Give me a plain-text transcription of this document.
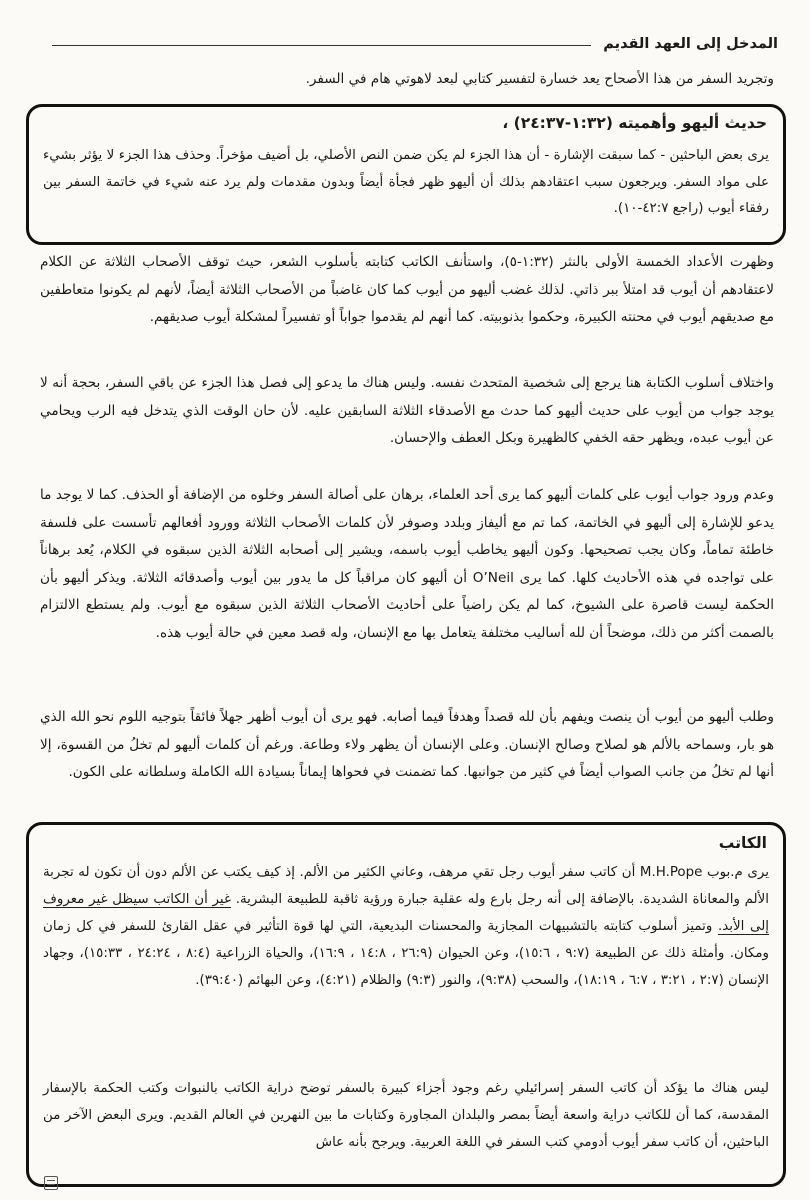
المدخل إلى العهد القديم

وتجريد السفر من هذا الأصحاح يعد خسارة لتفسير كتابي لبعد لاهوتي هام في السفر.

حديث أليهو وأهميته (١:٣٢-٢٤:٣٧) ،

يرى بعض الباحثين - كما سبقت الإشارة - أن هذا الجزء لم يكن ضمن النص الأصلي، بل أضيف مؤخراً. وحذف هذا الجزء لا يؤثر بشيء على مواد السفر. ويرجعون سبب اعتقادهم بذلك أن أليهو ظهر فجأة أيضاً وبدون مقدمات ولم يرد عنه شيء في خاتمة السفر بين رفقاء أيوب (راجع ٤٢:٧-١٠).

وظهرت الأعداد الخمسة الأولى بالنثر (١:٣٢-٥)، واستأنف الكاتب كتابته بأسلوب الشعر، حيث توقف الأصحاب الثلاثة عن الكلام لاعتقادهم أن أيوب قد امتلأ ببر ذاتي. لذلك غضب أليهو من أيوب كما كان غاضباً من الأصحاب الثلاثة أيضاً، لأنهم لم يكونوا متعاطفين مع صديقهم أيوب في محنته الكبيرة، وحكموا بذنوبيته. كما أنهم لم يقدموا جواباً أو تفسيراً لمشكلة أيوب صديقهم.

واختلاف أسلوب الكتابة هنا يرجع إلى شخصية المتحدث نفسه. وليس هناك ما يدعو إلى فصل هذا الجزء عن باقي السفر، بحجة أنه لا يوجد جواب من أيوب على حديث أليهو كما حدث مع الأصدقاء الثلاثة السابقين عليه. لأن حان الوقت الذي يتدخل فيه الرب ويحامي عن أيوب عبده، ويظهر حقه الخفي كالظهيرة وبكل العطف والإحسان.

وعدم ورود جواب أيوب على كلمات أليهو كما يرى أحد العلماء، برهان على أصالة السفر وخلوه من الإضافة أو الحذف. كما لا يوجد ما يدعو للإشارة إلى أليهو في الخاتمة، كما تم مع أليفاز وبلدد وصوفر لأن كلمات الأصحاب الثلاثة وورود أفعالهم تأسست على فلسفة خاطئة تماماً، وكان يجب تصحيحها. وكون أليهو يخاطب أيوب باسمه، ويشير إلى أصحابه الثلاثة الذين سبقوه في الكلام، يُعد برهاناً على تواجده في هذه الأحاديث كلها. كما يرى O’Neil أن أليهو كان مراقباً كل ما يدور بين أيوب وأصدقائه الثلاثة. ويذكر أليهو بأن الحكمة ليست قاصرة على الشيوخ، كما لم يكن راضياً على أحاديث الأصحاب الثلاثة الذين سبقوه مع أيوب. ولم يستطع الالتزام بالصمت أكثر من ذلك، موضحاً أن لله أساليب مختلفة يتعامل بها مع الإنسان، وله قصد معين في حالة أيوب هذه.

وطلب أليهو من أيوب أن ينصت ويفهم بأن لله قصداً وهدفاً فيما أصابه. فهو يرى أن أيوب أظهر جهلاً فائقاً بتوجيه اللوم نحو الله الذي هو بار، وسماحه بالألم هو لصلاح وصالح الإنسان. وعلى الإنسان أن يظهر ولاء وطاعة. ورغم أن كلمات أليهو لم تخلُ من القسوة، إلا أنها لم تخلُ من جانب الصواب أيضاً في كثير من جوانبها. كما تضمنت في فحواها إيماناً بسيادة الله الكاملة وسلطانه على الكون.

الكاتب

يرى م.بوب M.H.Pope أن كاتب سفر أيوب رجل تقي مرهف، وعاني الكثير من الألم. إذ كيف يكتب عن الألم دون أن تكون له تجربة الألم والمعاناة الشديدة. بالإضافة إلى أنه رجل بارع وله عقلية جبارة ورؤية ثاقبة للطبيعة البشرية. غير أن الكاتب سيظل غير معروف إلى الأبد. وتميز أسلوب كتابته بالتشبيهات المجازية والمحسنات البديعية، التي لها قوة التأثير في عقل القارئ للسفر في كل زمان ومكان. وأمثلة ذلك عن الطبيعة (٩:٧ ، ١٥:٦)، وعن الحيوان (٢٦:٩ ، ١٤:٨ ، ١٦:٩)، والحياة الزراعية (٨:٤ ، ٢٤:٢٤ ، ١٥:٣٣)، وجهاد الإنسان (٢:٧ ، ٣:٢١ ، ٦:٧ ، ١٨:١٩)، والسحب (٩:٣٨)، والنور (٩:٣) والظلام (٤:٢١)، وعن البهائم (٣٩:٤٠).

ليس هناك ما يؤكد أن كاتب السفر إسرائيلي رغم وجود أجزاء كبيرة بالسفر توضح دراية الكاتب بالنبوات وكتب الحكمة بالإسفار المقدسة، كما أن للكاتب دراية واسعة أيضاً بمصر والبلدان المجاورة وكتابات ما بين النهرين في العالم القديم. ويرى البعض الآخر من الباحثين، أن كاتب سفر أيوب أدومي كتب السفر في اللغة العربية. ويرجح بأنه عاش
